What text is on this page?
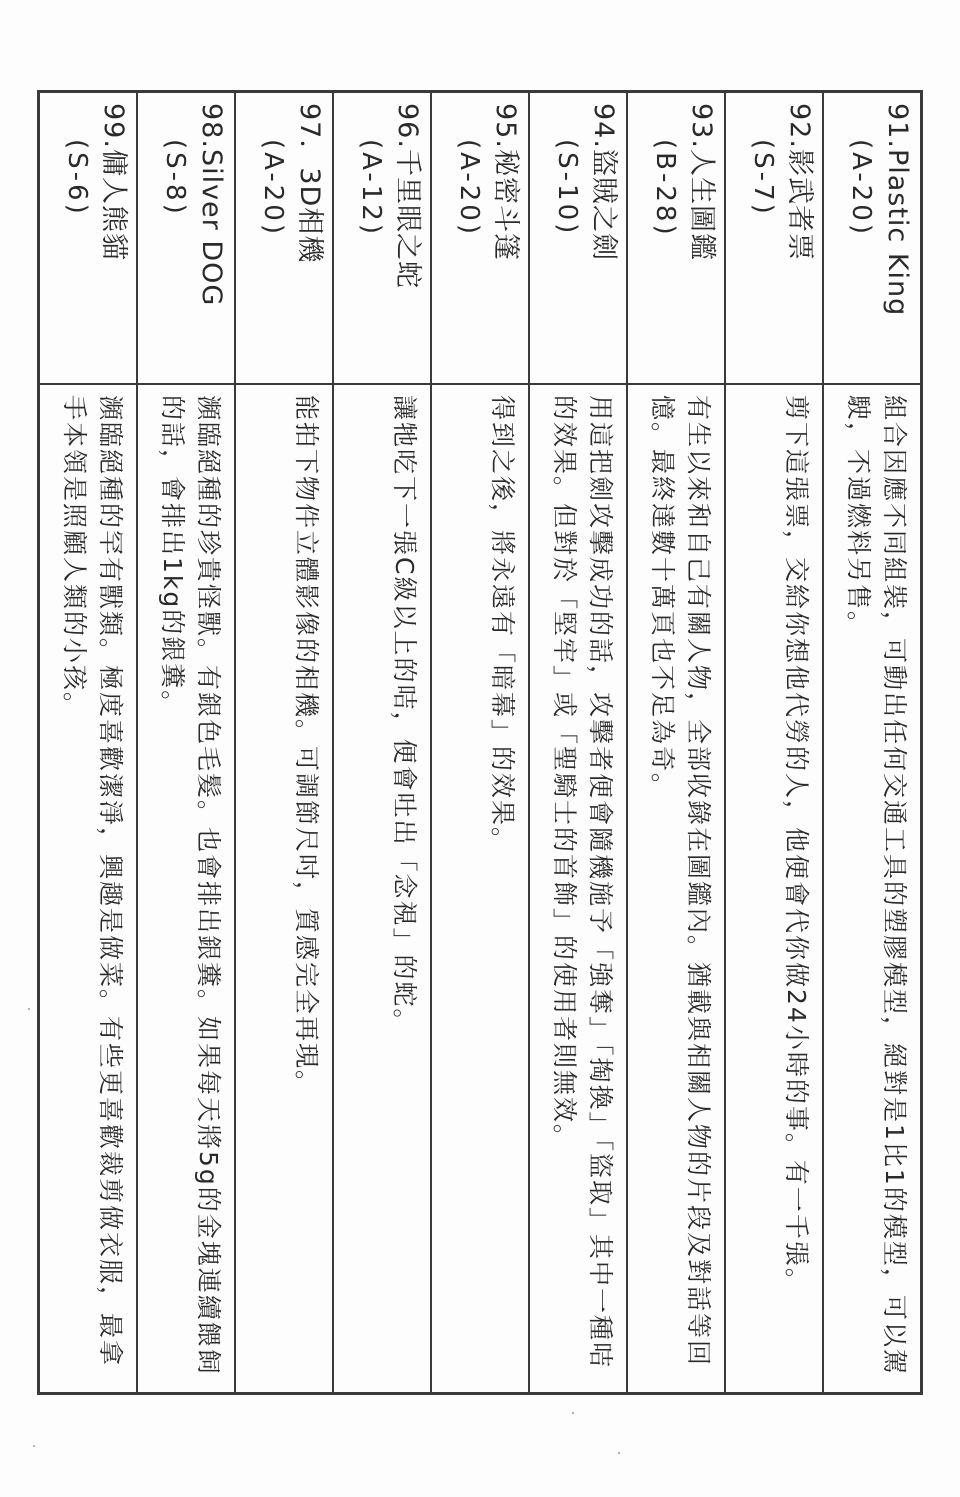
91.Plastic King
(A-20)	組合因應不同組裝，可動出任何交通工具的塑膠模型，絕對是1比1的模型，可以駕駛，不過燃料另售。

92.影武者票
(S-7)	剪下這張票，交給你想他代勞的人，他便會代你做24小時的事。有一千張。

93.人生圖鑑
(B-28)	有生以來和自己有關人物，全部收錄在圖鑑內。猶載與相關人物的片段及對話等回憶。最終達數十萬頁也不足為奇。

94.盜賊之劍
(S-10)	用這把劍攻擊成功的話，攻擊者便會隨機施予「強奪」「掏換」「盜取」其中一種咭的效果。但對於「堅牢」或「聖騎士的首飾」的使用者則無效。

95.秘密斗篷
(A-20)	得到之後，將永遠有「暗幕」的效果。

96.千里眼之蛇
(A-12)	讓牠吃下一張C級以上的咭，便會吐出「念視」的蛇。

97．3D相機
(A-20)	能拍下物件立體影像的相機。可調節尺吋，質感完全再現。

98.Silver DOG
(S-8)	瀕臨絕種的珍貴怪獸。有銀色毛髮。也會排出銀糞。如果每天將5g的金塊連續餵飼的話，會排出1kg的銀糞。

99.傭人熊貓
(S-6)	瀕臨絕種的罕有獸類。極度喜歡潔淨，興趣是做菜。有些更喜歡裁剪做衣服，最拿手本領是照顧人類的小孩。
